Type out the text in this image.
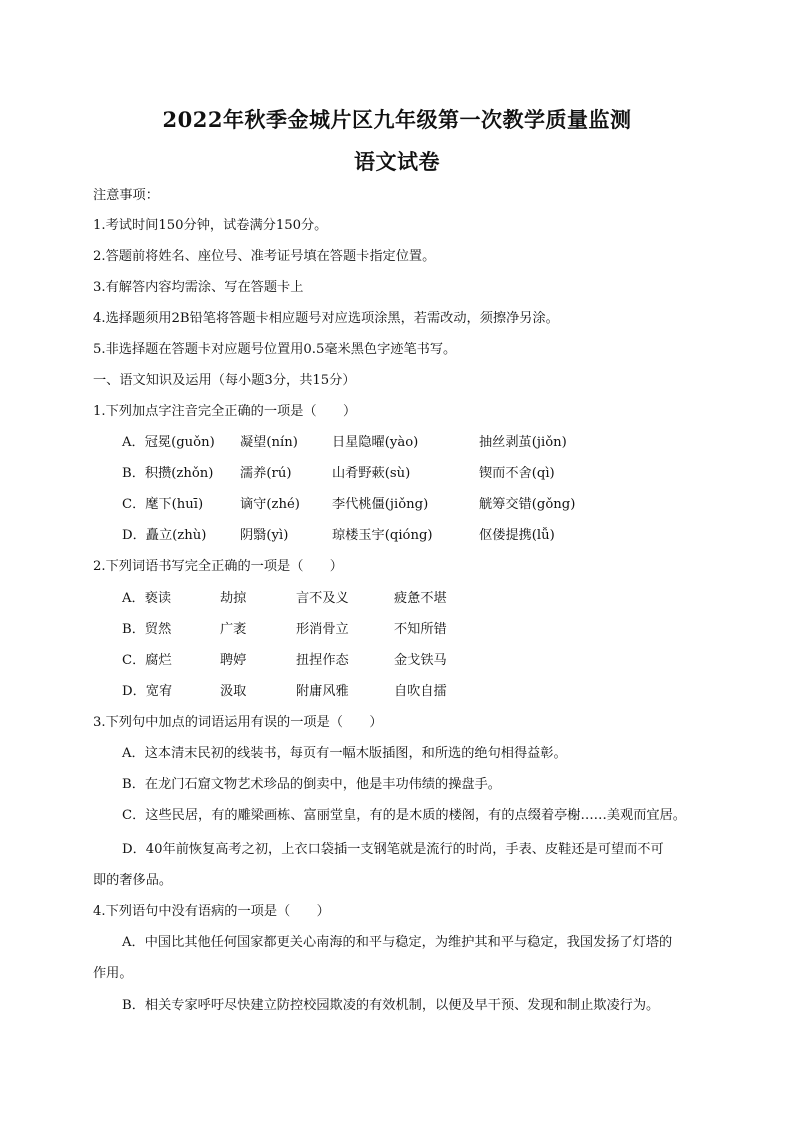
2022年秋季金城片区九年级第一次教学质量监测
语文试卷
注意事项：
1.考试时间150分钟，试卷满分150分。
2.答题前将姓名、座位号、准考证号填在答题卡指定位置。
3.有解答内容均需涂、写在答题卡上
4.选择题须用2B铅笔将答题卡相应题号对应选项涂黑，若需改动，须擦净另涂。
5.非选择题在答题卡对应题号位置用0.5毫米黑色字迹笔书写。
一、语文知识及运用（每小题3分，共15分）
1.下列加点字注音完全正确的一项是（　　）
A．冠冕(guǒn) 凝望(nín)	日星隐曜(yào)	抽丝剥茧(jiǒn)
B．积攒(zhǒn) 濡养(rú)	山肴野蔌(sù)	锲而不舍(qì)
C．麾下(huī)	谪守(zhé) 李代桃僵(jiǒng)	觥筹交错(gǒng)
D．矗立(zhù)	阴翳(yì)	琼楼玉宇(qióng)	伛偻提携(lǚ)
2.下列词语书写完全正确的一项是（　　）
A．亵读	劫掠	言不及义	疲惫不堪
B．贸然	广袤	形消骨立	不知所错
C．腐烂	聘婷	扭捏作态	金戈铁马
D．宽宥	汲取	附庸风雅	自吹自擂
3.下列句中加点的词语运用有误的一项是（　　）
A．这本清末民初的线装书，每页有一幅木版插图，和所选的绝句相得益彰。
B．在龙门石窟文物艺术珍品的倒卖中，他是丰功伟绩的操盘手。
C．这些民居，有的雕梁画栋、富丽堂皇，有的是木质的楼阁，有的点缀着亭榭……美观而宜居。
D．40年前恢复高考之初，上衣口袋插一支钢笔就是流行的时尚，手表、皮鞋还是可望而不可
即的奢侈品。
4.下列语句中没有语病的一项是（　　）
A．中国比其他任何国家都更关心南海的和平与稳定，为维护其和平与稳定，我国发扬了灯塔的
作用。
B．相关专家呼吁尽快建立防控校园欺凌的有效机制，以便及早干预、发现和制止欺凌行为。
